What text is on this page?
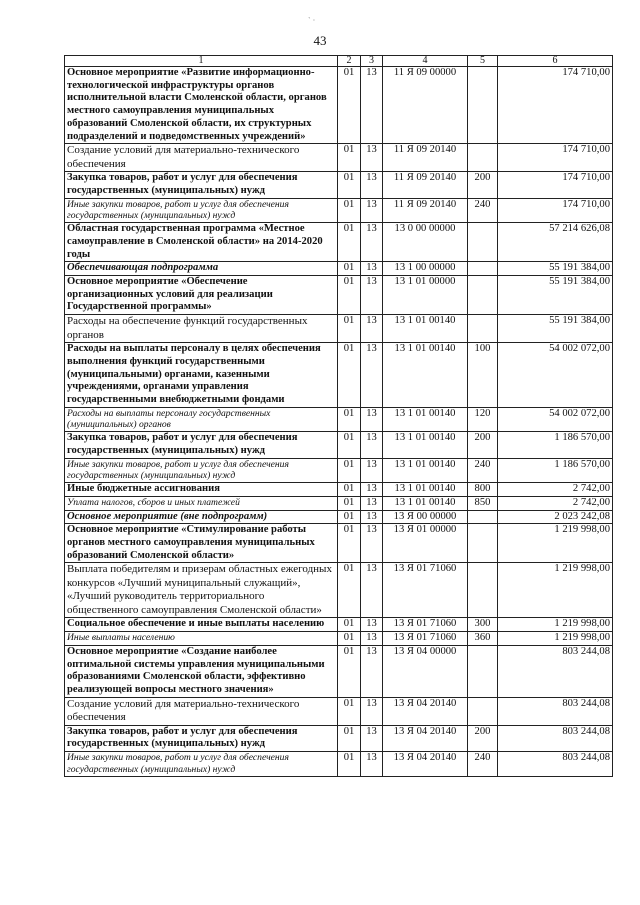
` ·
43
1	2	3	4	5	6
Основное мероприятие «Развитие информационно-технологической инфраструктуры органов исполнительной власти Смоленской области, органов местного самоуправления муниципальных образований Смоленской области, их структурных подразделений и подведомственных учреждений»	01	13	11 Я 09 00000		174 710,00
Создание условий для материально-технического обеспечения	01	13	11 Я 09 20140		174 710,00
Закупка товаров, работ и услуг для обеспечения государственных (муниципальных) нужд	01	13	11 Я 09 20140	200	174 710,00
Иные закупки товаров, работ и услуг для обеспечения государственных (муниципальных) нужд	01	13	11 Я 09 20140	240	174 710,00
Областная государственная программа «Местное самоуправление в Смоленской области» на 2014-2020 годы	01	13	13 0 00 00000		57 214 626,08
Обеспечивающая подпрограмма	01	13	13 1 00 00000		55 191 384,00
Основное мероприятие «Обеспечение организационных условий для реализации Государственной программы»	01	13	13 1 01 00000		55 191 384,00
Расходы на обеспечение функций государственных органов	01	13	13 1 01 00140		55 191 384,00
Расходы на выплаты персоналу в целях обеспечения выполнения функций государственными (муниципальными) органами, казенными учреждениями, органами управления государственными внебюджетными фондами	01	13	13 1 01 00140	100	54 002 072,00
Расходы на выплаты персоналу государственных (муниципальных) органов	01	13	13 1 01 00140	120	54 002 072,00
Закупка товаров, работ и услуг для обеспечения государственных (муниципальных) нужд	01	13	13 1 01 00140	200	1 186 570,00
Иные закупки товаров, работ и услуг для обеспечения государственных (муниципальных) нужд	01	13	13 1 01 00140	240	1 186 570,00
Иные бюджетные ассигнования	01	13	13 1 01 00140	800	2 742,00
Уплата налогов, сборов и иных платежей	01	13	13 1 01 00140	850	2 742,00
Основное мероприятие (вне подпрограмм)	01	13	13 Я 00 00000		2 023 242,08
Основное мероприятие «Стимулирование работы органов местного самоуправления муниципальных образований Смоленской области»	01	13	13 Я 01 00000		1 219 998,00
Выплата победителям и призерам областных ежегодных конкурсов «Лучший муниципальный служащий», «Лучший руководитель территориального общественного самоуправления Смоленской области»	01	13	13 Я 01 71060		1 219 998,00
Социальное обеспечение и иные выплаты населению	01	13	13 Я 01 71060	300	1 219 998,00
Иные выплаты населению	01	13	13 Я 01 71060	360	1 219 998,00
Основное мероприятие «Создание наиболее оптимальной системы управления муниципальными образованиями Смоленской области, эффективно реализующей вопросы местного значения»	01	13	13 Я 04 00000		803 244,08
Создание условий для материально-технического обеспечения	01	13	13 Я 04 20140		803 244,08
Закупка товаров, работ и услуг для обеспечения государственных (муниципальных) нужд	01	13	13 Я 04 20140	200	803 244,08
Иные закупки товаров, работ и услуг для обеспечения государственных (муниципальных) нужд	01	13	13 Я 04 20140	240	803 244,08
